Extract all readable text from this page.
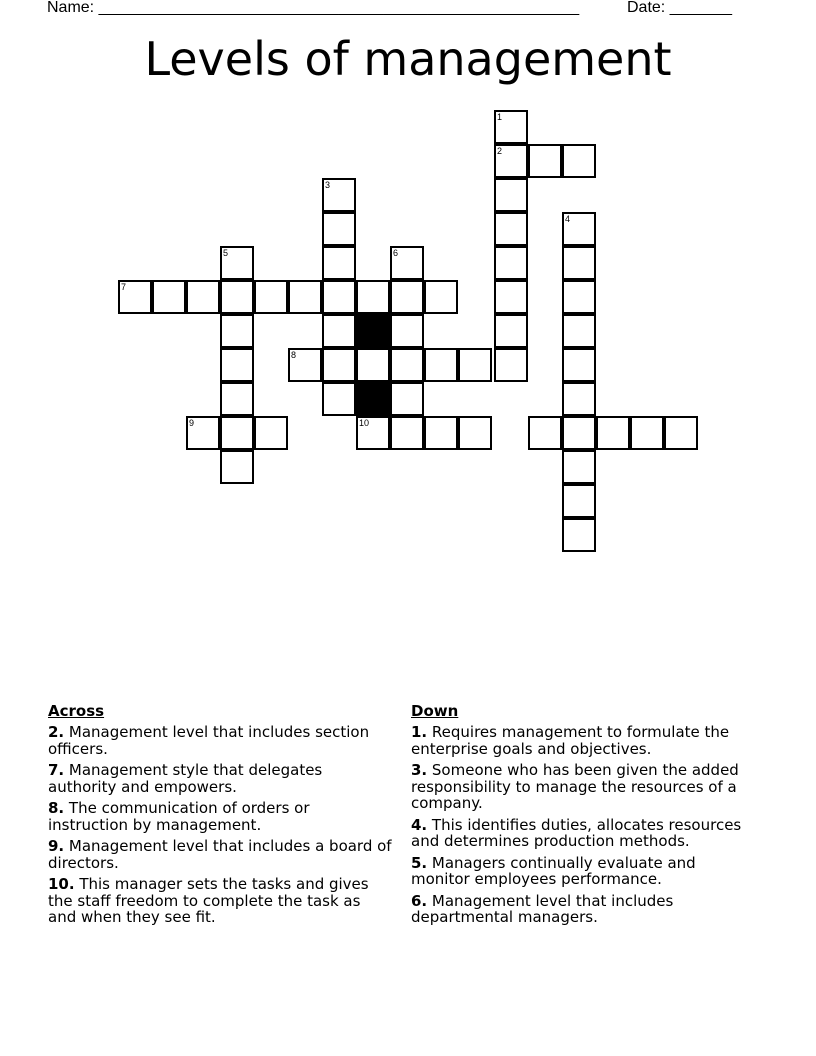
Name: ______________________________________________________	Date: _______
Levels of management
1
2
4
3
5	6
7
8
9	10
Across
2. Management level that includes section officers.
7. Management style that delegates authority and empowers.
8. The communication of orders or instruction by management.
9. Management level that includes a board of directors.
10. This manager sets the tasks and gives the staff freedom to complete the task as and when they see fit.
Down
1. Requires management to formulate the enterprise goals and objectives.
3. Someone who has been given the added responsibility to manage the resources of a company.
4. This identifies duties, allocates resources and determines production methods.
5. Managers continually evaluate and monitor employees performance.
6. Management level that includes departmental managers.
